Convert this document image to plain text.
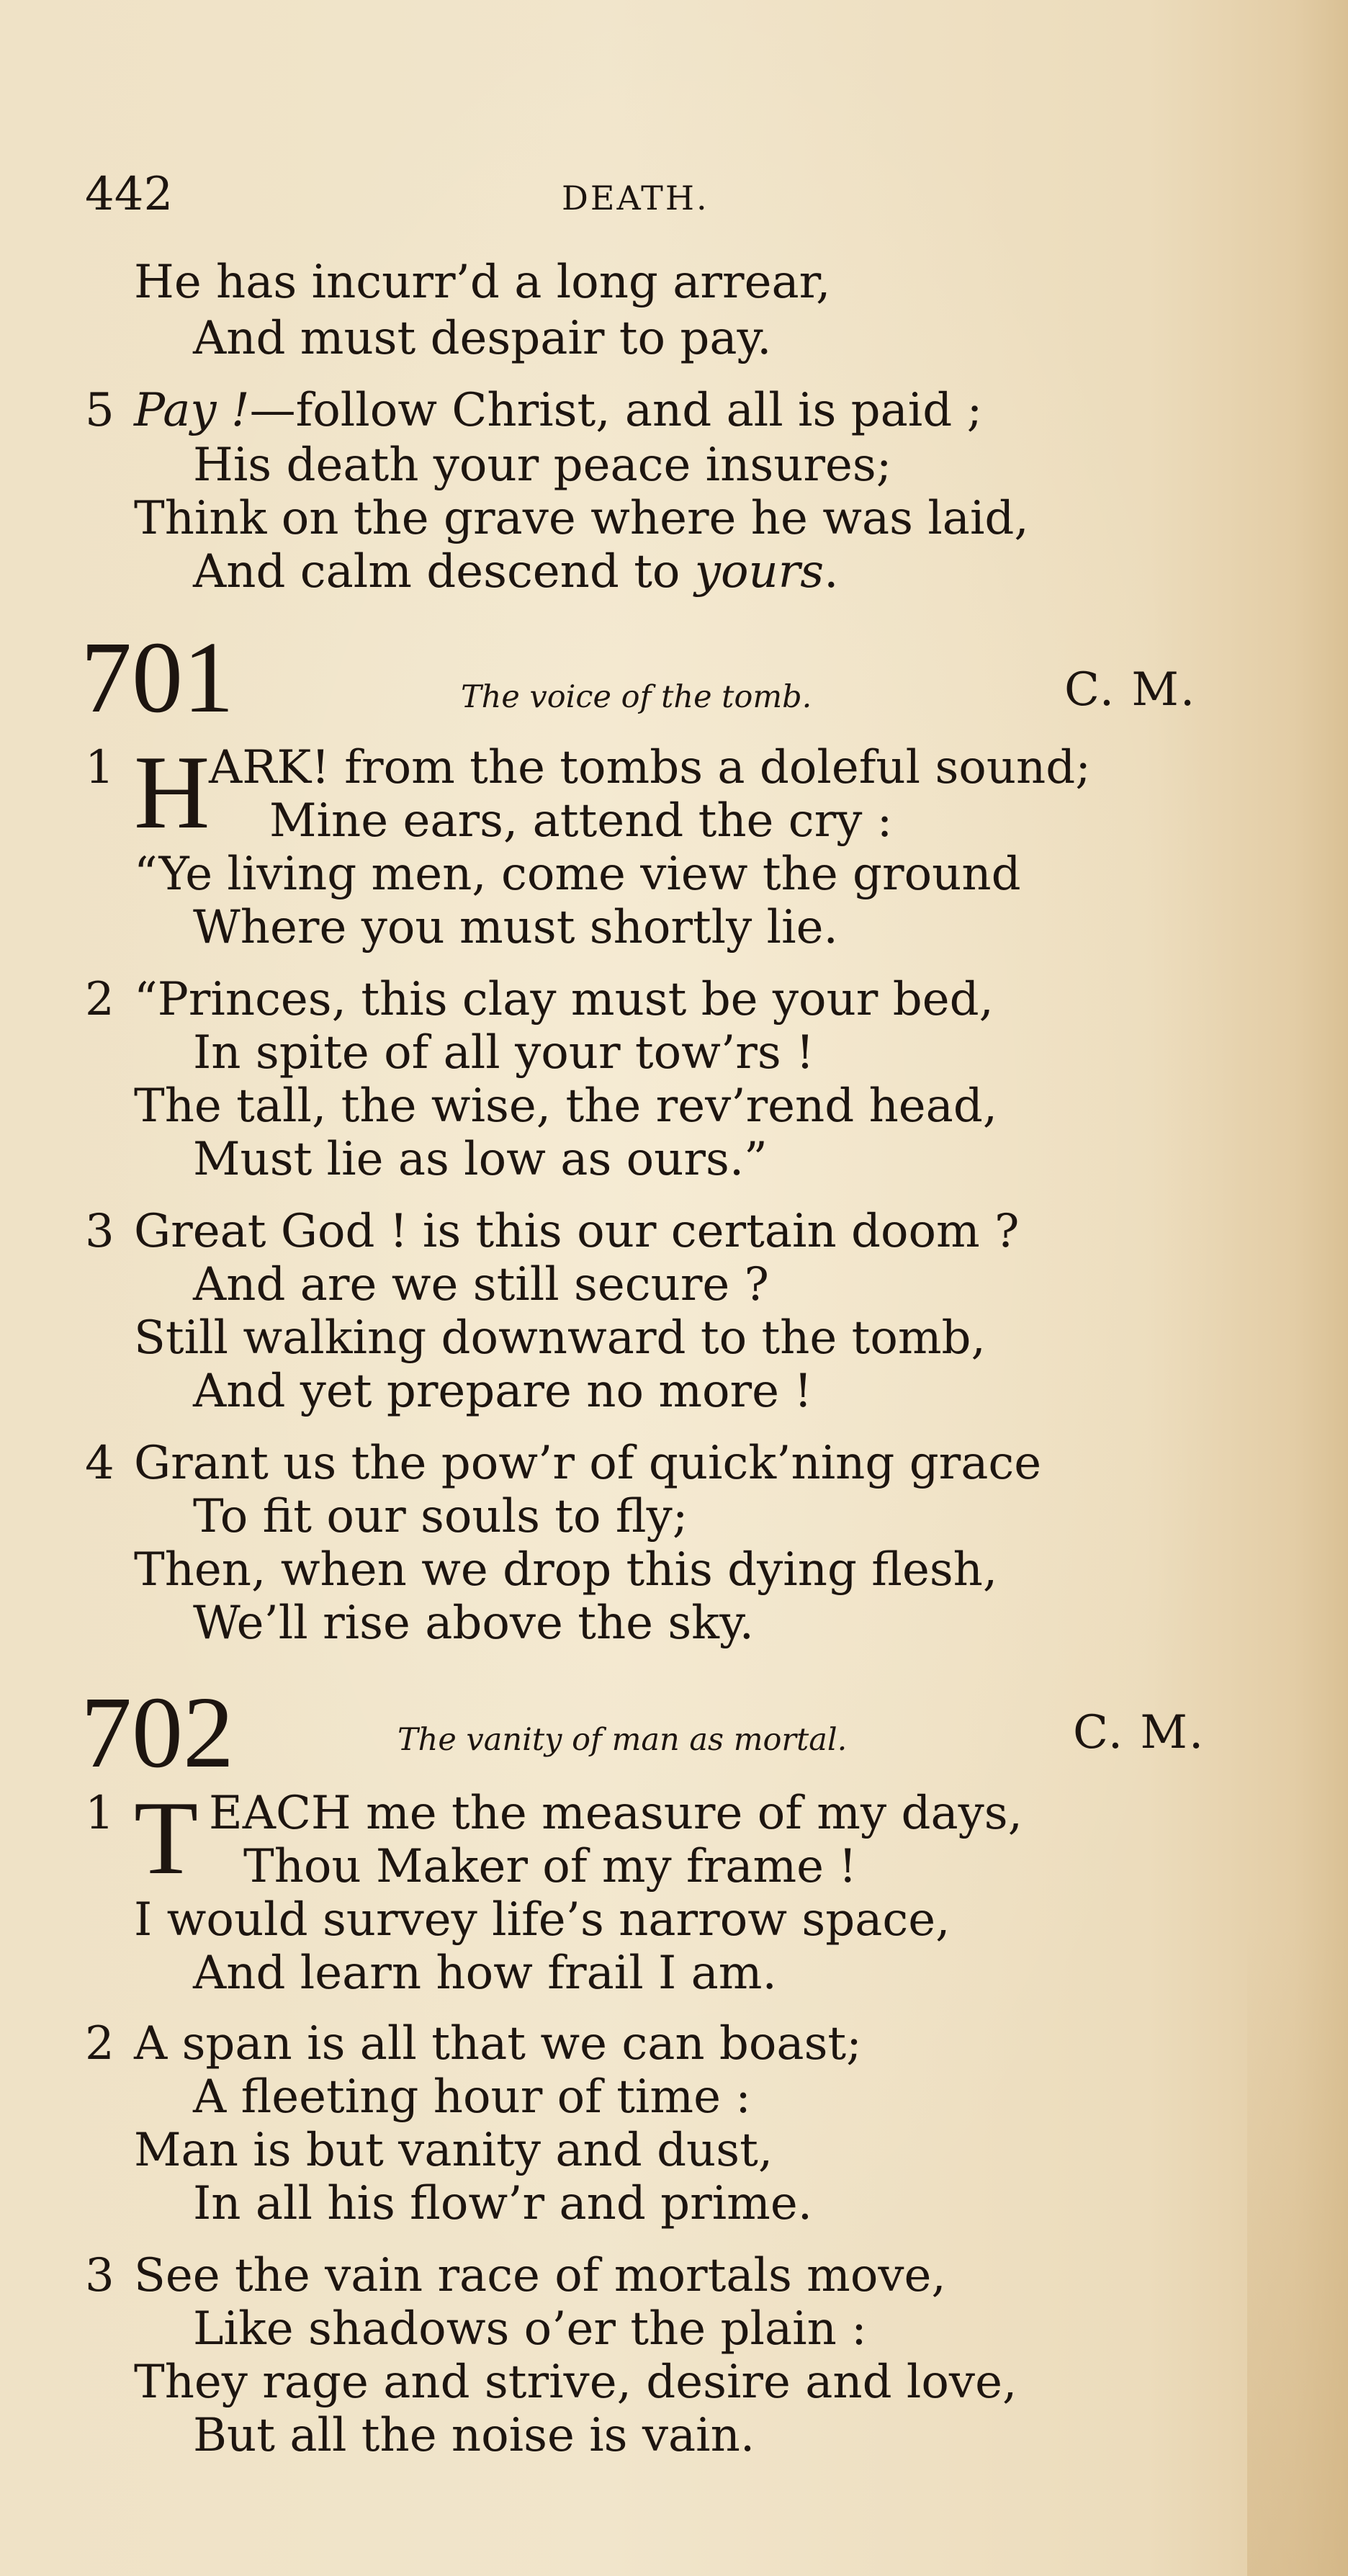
442	DEATH.
He has incurr’d a long arrear,
And must despair to pay.
5 Pay !—follow Christ, and all is paid ;
His death your peace insures;
Think on the grave where he was laid,
And calm descend to yours.
701	The voice of the tomb.	C. M.
1 H
ARK! from the tombs a doleful sound;
Mine ears, attend the cry :
“Ye living men, come view the ground
Where you must shortly lie.
2 “Princes, this clay must be your bed,
In spite of all your tow’rs !
The tall, the wise, the rev’rend head,
Must lie as low as ours.”
3 Great God ! is this our certain doom ?
And are we still secure ?
Still walking downward to the tomb,
And yet prepare no more !
4 Grant us the pow’r of quick’ning grace
To fit our souls to fly;
Then, when we drop this dying flesh,
We’ll rise above the sky.
702	The vanity of man as mortal.	C. M.
1 T EACH me the measure of my days,
Thou Maker of my frame !
I would survey life’s narrow space,
And learn how frail I am.
2 A span is all that we can boast;
A fleeting hour of time :
Man is but vanity and dust,
In all his flow’r and prime.
3 See the vain race of mortals move,
Like shadows o’er the plain :
They rage and strive, desire and love,
But all the noise is vain.
